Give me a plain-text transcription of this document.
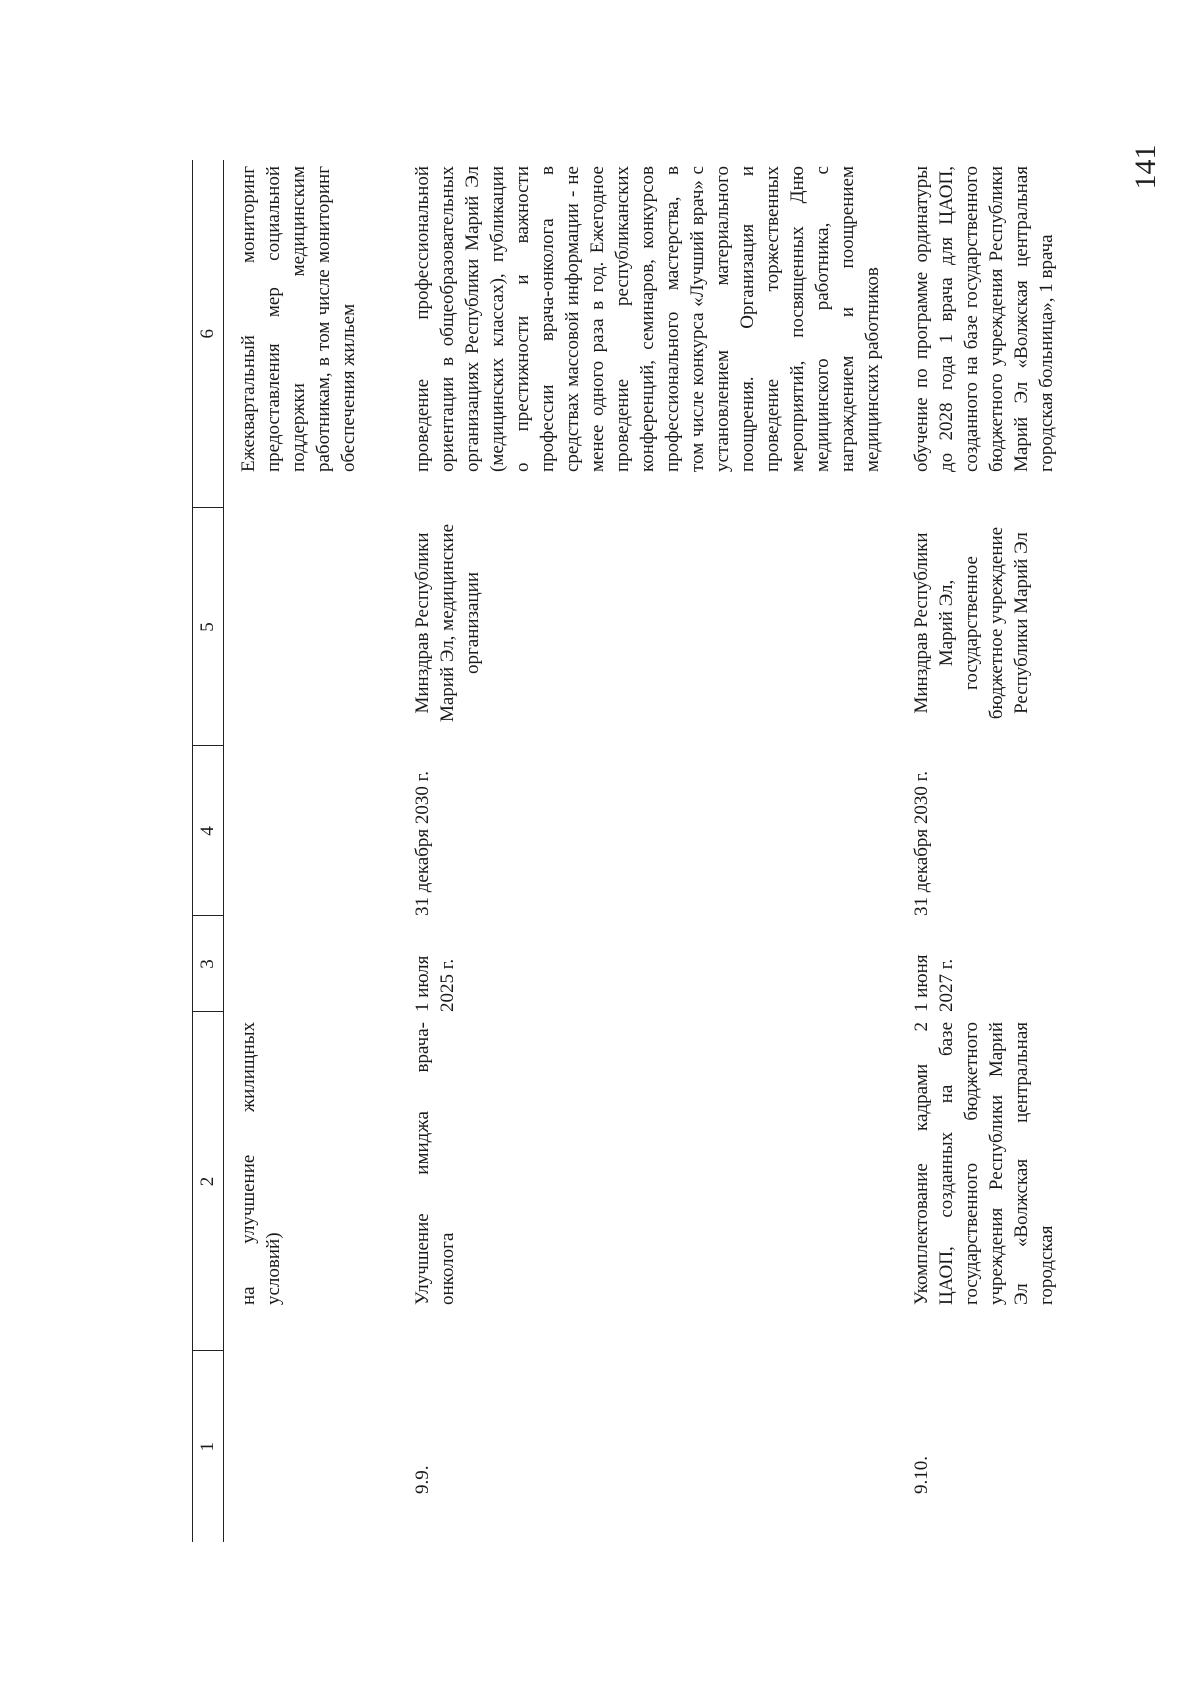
141
1	2	3	4	5	6
	на улучшение жилищных условий)				Ежеквартальный мониторинг предоставления мер социальной поддержки медицинским работникам, в том числе мониторинг обеспечения жильем
9.9.	Улучшение имиджа врача-онколога	1 июля 2025 г.	31 декабря 2030 г.	Минздрав Республики Марий Эл, медицинские организации	проведение профессиональной ориентации в общеобразовательных организациях Республики Марий Эл (медицинских классах), публикации о престижности и важности профессии врача-онколога в средствах массовой информации - не менее одного раза в год. Ежегодное проведение республиканских конференций, семинаров, конкурсов профессионального мастерства, в том числе конкурса «Лучший врач» с установлением материального поощрения. Организация и проведение торжественных мероприятий, посвященных Дню медицинского работника, с награждением и поощрением медицинских работников
9.10.	Укомплектование кадрами 2 ЦАОП, созданных на базе государственного бюджетного учреждения Республики Марий Эл «Волжская центральная городская	1 июня 2027 г.	31 декабря 2030 г.	Минздрав Республики Марий Эл, государственное бюджетное учреждение Республики Марий Эл	обучение по программе ординатуры до 2028 года 1 врача для ЦАОП, созданного на базе государственного бюджетного учреждения Республики Марий Эл «Волжская центральная городская больница», 1 врача
